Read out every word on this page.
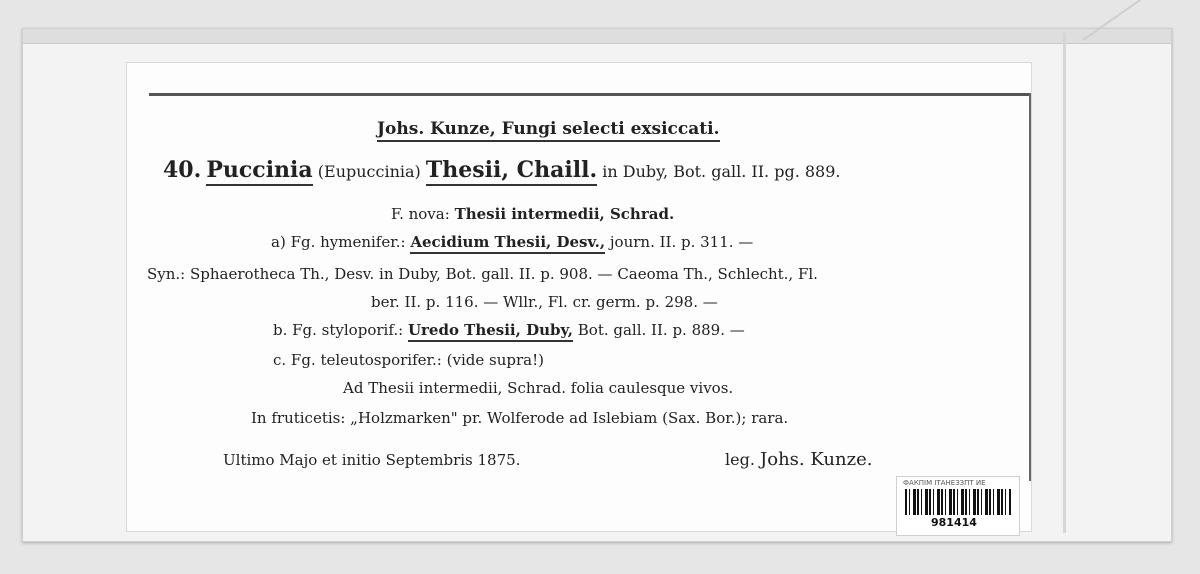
Johs. Kunze, Fungi selecti exsiccati.
40. Puccinia (Eupuccinia) Thesii, Chaill. in Duby, Bot. gall. II. pg. 889.
F. nova: Thesii intermedii, Schrad.
a) Fg. hymenifer.: Aecidium Thesii, Desv., journ. II. p. 311. —
Syn.: Sphaerotheca Th., Desv. in Duby, Bot. gall. II. p. 908. — Caeoma Th., Schlecht., Fl.
ber. II. p. 116. — Wllr., Fl. cr. germ. p. 298. —
b. Fg. styloporif.: Uredo Thesii, Duby, Bot. gall. II. p. 889. —
c. Fg. teleutosporifer.: (vide supra!)
Ad Thesii intermedii, Schrad. folia caulesque vivos.
In fruticetis: „Holzmarken" pr. Wolferode ad Islebiam (Sax. Bor.); rara.
Ultimo Majo et initio Septembris 1875.	leg. Johs. Kunze.
ФАКПІМ ІТАНЕЗЗПТ ИЕ
981414
